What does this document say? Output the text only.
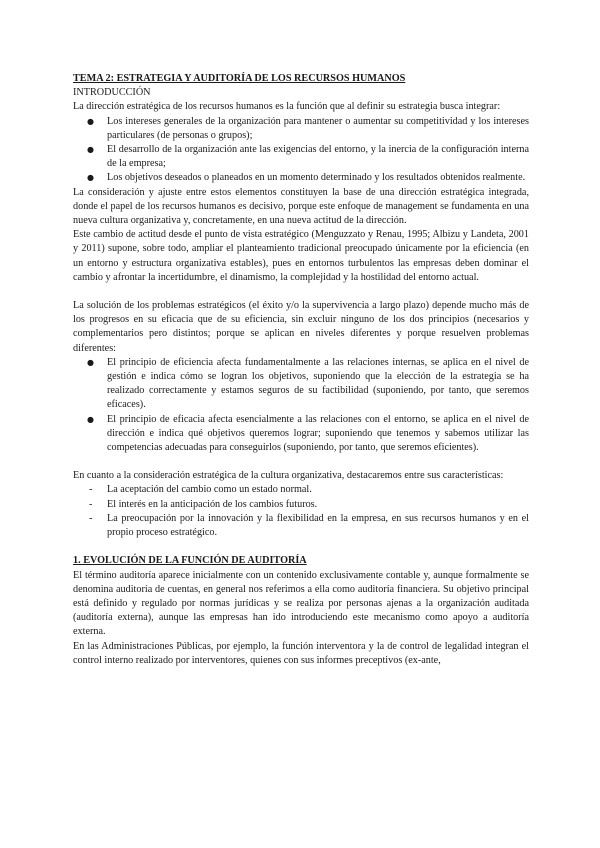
TEMA 2: ESTRATEGIA Y AUDITORÍA DE LOS RECURSOS HUMANOS

INTRODUCCIÓN

La dirección estratégica de los recursos humanos es la función que al definir su estrategia busca integrar:

● Los intereses generales de la organización para mantener o aumentar su competitividad y los intereses particulares (de personas o grupos);
● El desarrollo de la organización ante las exigencias del entorno, y la inercia de la configuración interna de la empresa;
● Los objetivos deseados o planeados en un momento determinado y los resultados obtenidos realmente.

La consideración y ajuste entre estos elementos constituyen la base de una dirección estratégica integrada, donde el papel de los recursos humanos es decisivo, porque este enfoque de management se fundamenta en una nueva cultura organizativa y, concretamente, en una nueva actitud de la dirección.

Este cambio de actitud desde el punto de vista estratégico (Menguzzato y Renau, 1995; Albizu y Landeta, 2001 y 2011) supone, sobre todo, ampliar el planteamiento tradicional preocupado únicamente por la eficiencia (en un entorno y estructura organizativa estables), pues en entornos turbulentos las empresas deben dominar el cambio y afrontar la incertidumbre, el dinamismo, la complejidad y la hostilidad del entorno actual.

La solución de los problemas estratégicos (el éxito y/o la supervivencia a largo plazo) depende mucho más de los progresos en su eficacia que de su eficiencia, sin excluir ninguno de los dos principios (necesarios y complementarios pero distintos; porque se aplican en niveles diferentes y porque resuelven problemas diferentes:

● El principio de eficiencia afecta fundamentalmente a las relaciones internas, se aplica en el nivel de gestión e indica cómo se logran los objetivos, suponiendo que la elección de la estrategia se ha realizado correctamente y estamos seguros de su factibilidad (suponiendo, por tanto, que seremos eficaces).
● El principio de eficacia afecta esencialmente a las relaciones con el entorno, se aplica en el nivel de dirección e indica qué objetivos queremos lograr; suponiendo que tenemos y sabemos utilizar las competencias adecuadas para conseguirlos (suponiendo, por tanto, que seremos eficientes).

En cuanto a la consideración estratégica de la cultura organizativa, destacaremos entre sus características:

- La aceptación del cambio como un estado normal.
- El interés en la anticipación de los cambios futuros.
- La preocupación por la innovación y la flexibilidad en la empresa, en sus recursos humanos y en el propio proceso estratégico.

1. EVOLUCIÓN DE LA FUNCIÓN DE AUDITORÍA

El término auditoría aparece inicialmente con un contenido exclusivamente contable y, aunque formalmente se denomina auditoría de cuentas, en general nos referimos a ella como auditoría financiera. Su objetivo principal está definido y regulado por normas jurídicas y se realiza por personas ajenas a la organización auditada (auditoría externa), aunque las empresas han ido introduciendo este mecanismo como apoyo a auditoría externa.

En las Administraciones Públicas, por ejemplo, la función interventora y la de control de legalidad integran el control interno realizado por interventores, quienes con sus informes preceptivos (ex-ante,
